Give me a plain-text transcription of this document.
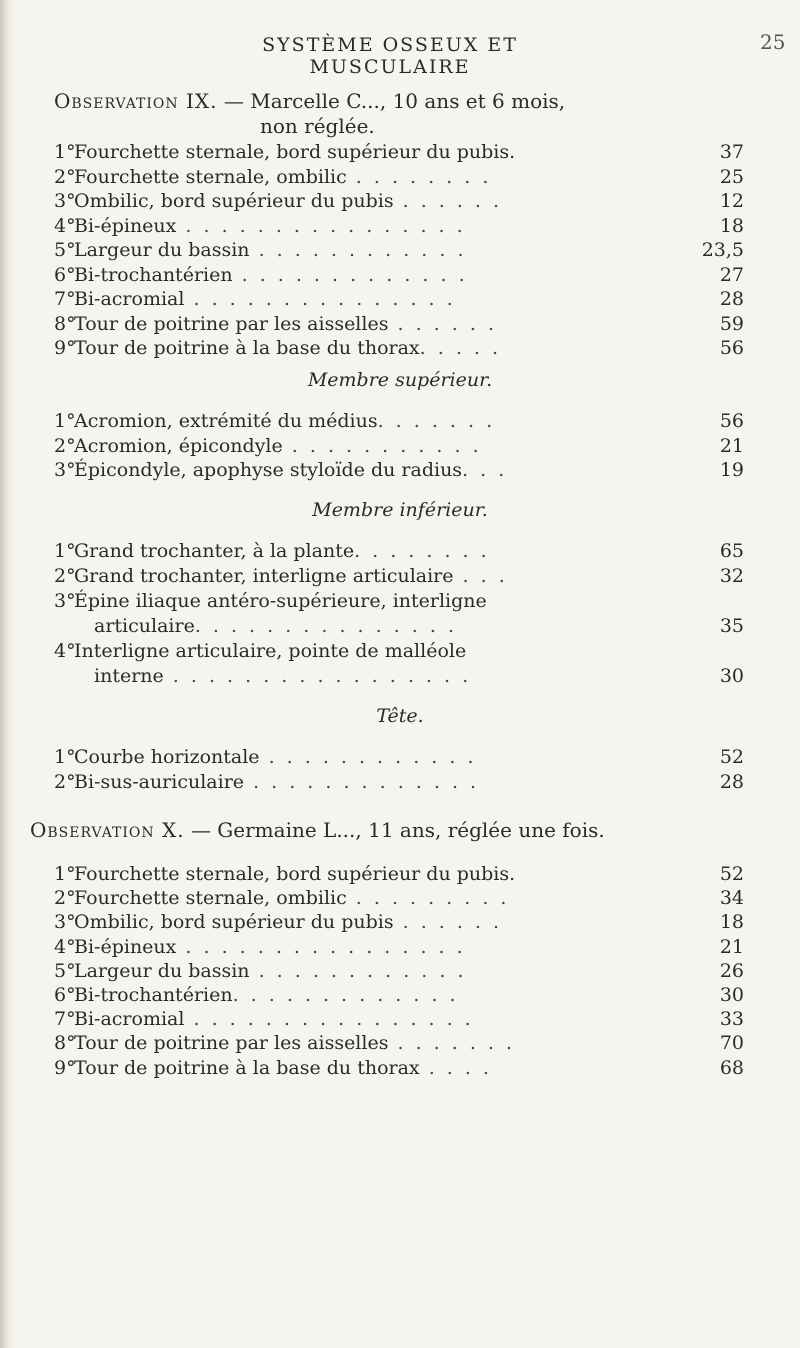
SYSTÈME OSSEUX ET MUSCULAIRE
25
Observation IX. — Marcelle C..., 10 ans et 6 mois,
non réglée.
1°Fourchette sternale, bord supérieur du pubis.	37
2°Fourchette sternale, ombilic . . . . . . . .	25
3°Ombilic, bord supérieur du pubis . . . . . .	12
4°Bi-épineux . . . . . . . . . . . . . . . .	18
5°Largeur du bassin . . . . . . . . . . . .	23,5
6°Bi-trochantérien . . . . . . . . . . . . .	27
7°Bi-acromial . . . . . . . . . . . . . . .	28
8°Tour de poitrine par les aisselles . . . . . .	59
9°Tour de poitrine à la base du thorax. . . . .	56
Membre supérieur.
1°Acromion, extrémité du médius. . . . . . .	56
2°Acromion, épicondyle . . . . . . . . . . .	21
3°Épicondyle, apophyse styloïde du radius. . .	19
Membre inférieur.
1°Grand trochanter, à la plante. . . . . . . .	65
2°Grand trochanter, interligne articulaire . . .	32
3°Épine iliaque antéro-supérieure, interligne
articulaire. . . . . . . . . . . . . . .	35
4°Interligne articulaire, pointe de malléole
interne . . . . . . . . . . . . . . . . .	30
Tête.
1°Courbe horizontale . . . . . . . . . . . .	52
2°Bi-sus-auriculaire . . . . . . . . . . . . .	28
Observation X. — Germaine L..., 11 ans, réglée une fois.
1°Fourchette sternale, bord supérieur du pubis.	52
2°Fourchette sternale, ombilic . . . . . . . . .	34
3°Ombilic, bord supérieur du pubis . . . . . .	18
4°Bi-épineux . . . . . . . . . . . . . . . .	21
5°Largeur du bassin . . . . . . . . . . . .	26
6°Bi-trochantérien. . . . . . . . . . . . .	30
7°Bi-acromial . . . . . . . . . . . . . . . .	33
8°Tour de poitrine par les aisselles . . . . . . .	70
9°Tour de poitrine à la base du thorax . . . .	68
